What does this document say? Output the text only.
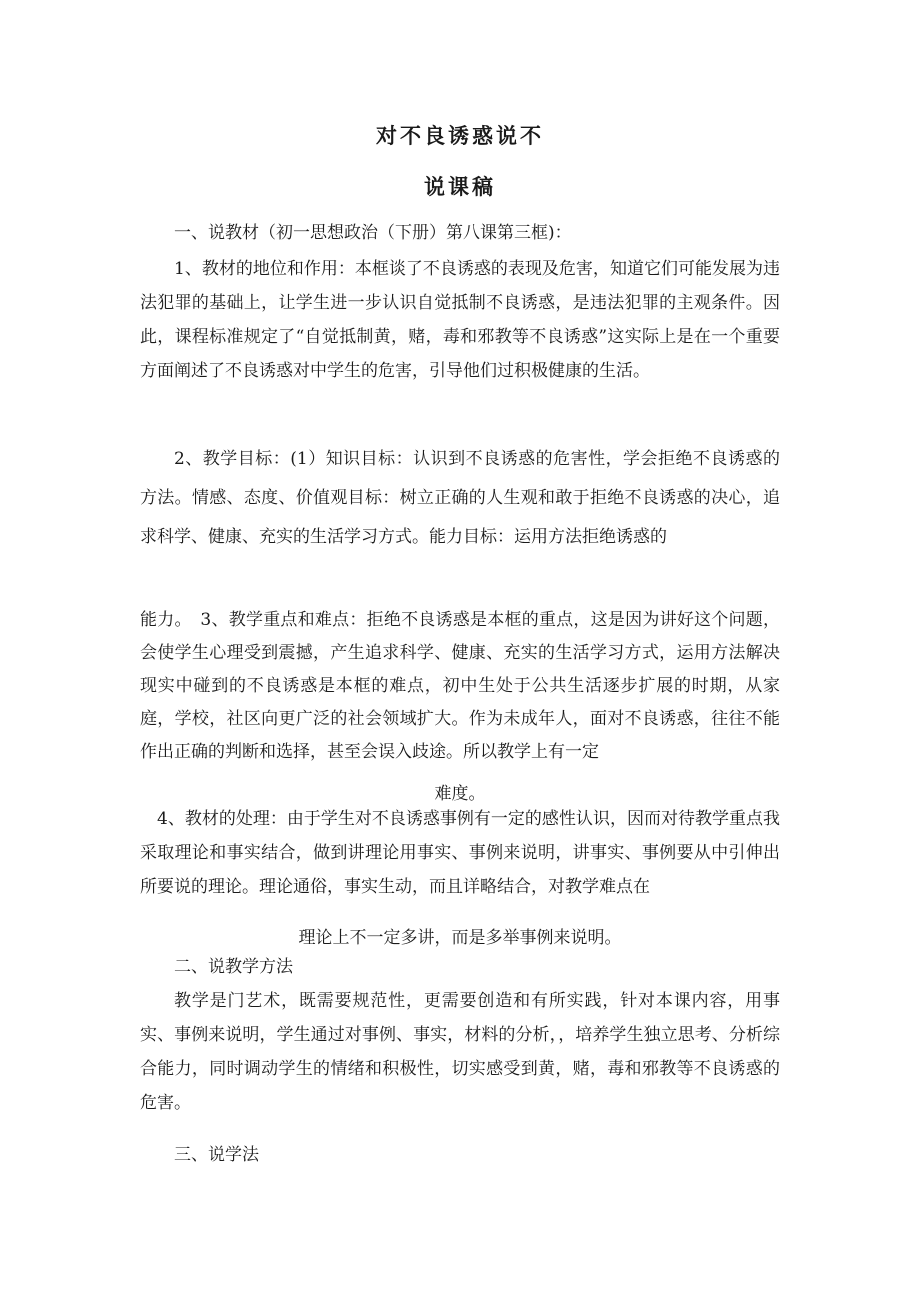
对不良诱惑说不
说课稿

一、说教材（初一思想政治（下册）第八课第三框)：

1、教材的地位和作用：本框谈了不良诱惑的表现及危害，知道它们可能发展为违法犯罪的基础上，让学生进一步认识自觉抵制不良诱惑，是违法犯罪的主观条件。因此，课程标准规定了“自觉抵制黄，赌，毒和邪教等不良诱惑”这实际上是在一个重要方面阐述了不良诱惑对中学生的危害，引导他们过积极健康的生活。

2、教学目标：(1）知识目标：认识到不良诱惑的危害性，学会拒绝不良诱惑的方法。情感、态度、价值观目标：树立正确的人生观和敢于拒绝不良诱惑的决心，追求科学、健康、充实的生活学习方式。能力目标：运用方法拒绝诱惑的

能力。　3、教学重点和难点：拒绝不良诱惑是本框的重点，这是因为讲好这个问题，会使学生心理受到震撼，产生追求科学、健康、充实的生活学习方式，运用方法解决现实中碰到的不良诱惑是本框的难点，初中生处于公共生活逐步扩展的时期，从家庭，学校，社区向更广泛的社会领域扩大。作为未成年人，面对不良诱惑，往往不能作出正确的判断和选择，甚至会误入歧途。所以教学上有一定

难度。

4、教材的处理：由于学生对不良诱惑事例有一定的感性认识，因而对待教学重点我采取理论和事实结合，做到讲理论用事实、事例来说明，讲事实、事例要从中引伸出所要说的理论。理论通俗，事实生动，而且详略结合，对教学难点在

理论上不一定多讲，而是多举事例来说明。

二、说教学方法

教学是门艺术，既需要规范性，更需要创造和有所实践，针对本课内容，用事实、事例来说明，学生通过对事例、事实，材料的分析，，培养学生独立思考、分析综合能力，同时调动学生的情绪和积极性，切实感受到黄，赌，毒和邪教等不良诱惑的危害。

三、说学法
